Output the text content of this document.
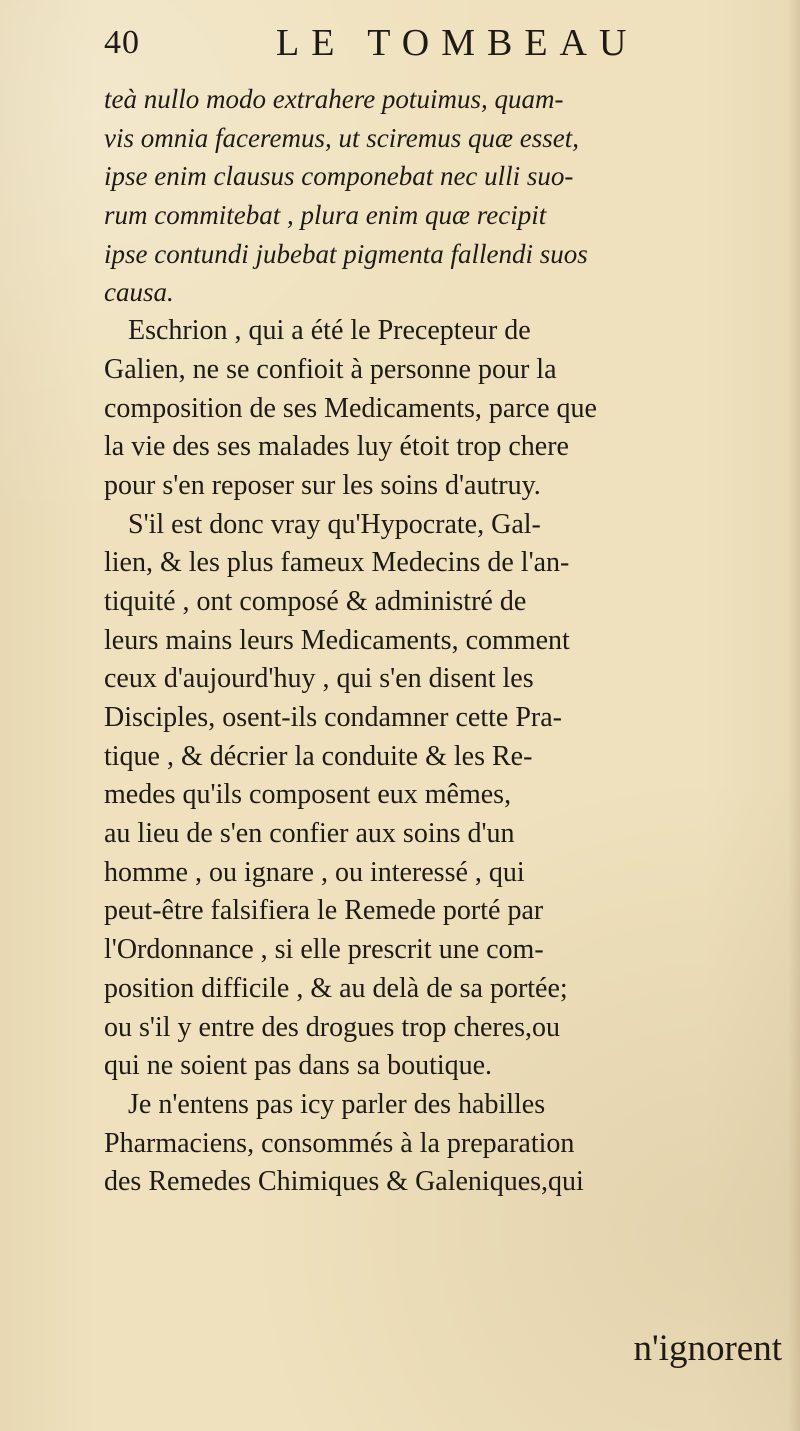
40	LE TOMBEAU
teà nullo modo extrahere potuimus, quam-
vis omnia faceremus, ut sciremus quæ esset,
ipse enim clausus componebat nec ulli suo-
rum commitebat , plura enim quæ recipit
ipse contundi jubebat pigmenta fallendi suos
causa.
Eschrion , qui a été le Precepteur de
Galien, ne se confioit à personne pour la
composition de ses Medicaments, parce que
la vie des ses malades luy étoit trop chere
pour s'en reposer sur les soins d'autruy.
S'il est donc vray qu'Hypocrate, Gal-
lien, & les plus fameux Medecins de l'an-
tiquité , ont composé & administré de
leurs mains leurs Medicaments, comment
ceux d'aujourd'huy , qui s'en disent les
Disciples, osent-ils condamner cette Pra-
tique , & décrier la conduite & les Re-
medes qu'ils composent eux mêmes,
au lieu de s'en confier aux soins d'un
homme , ou ignare , ou interessé , qui
peut-être falsifiera le Remede porté par
l'Ordonnance , si elle prescrit une com-
position difficile , & au delà de sa portée;
ou s'il y entre des drogues trop cheres,ou
qui ne soient pas dans sa boutique.
Je n'entens pas icy parler des habilles
Pharmaciens, consommés à la preparation
des Remedes Chimiques & Galeniques,qui
n'ignorent
